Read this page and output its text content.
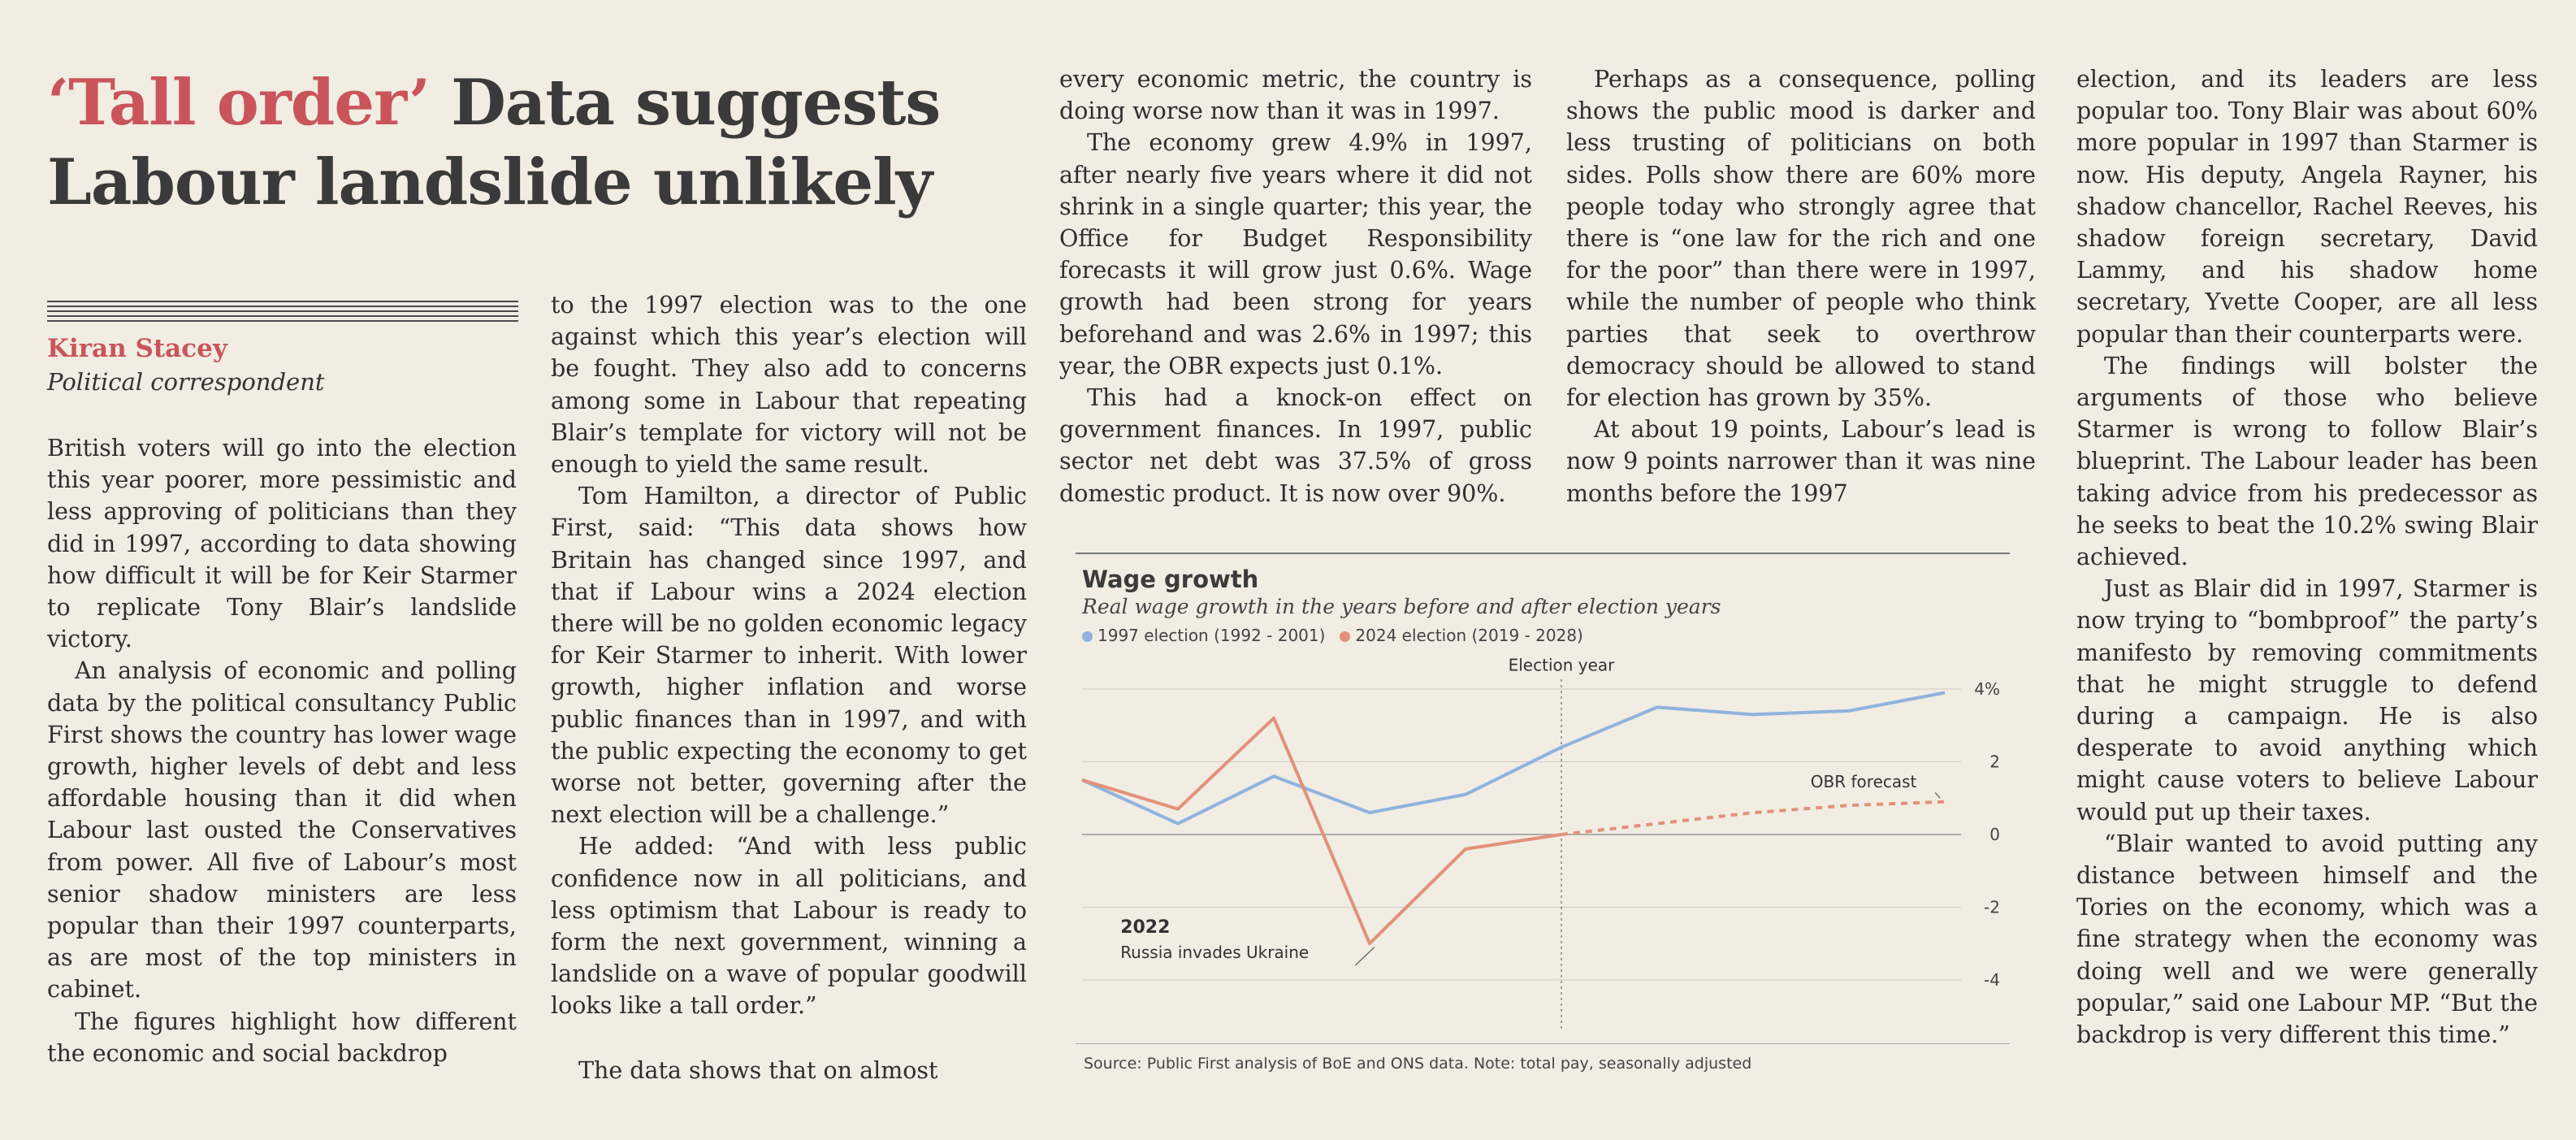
‘Tall order’ Data suggests Labour landslide unlikely
Kiran Stacey
Political correspondent

British voters will go into the election this year poorer, more pessimistic and less approving of politicians than they did in 1997, according to data showing how difficult it will be for Keir Starmer to replicate Tony Blair’s landslide victory.

An analysis of economic and polling data by the political consultancy Public First shows the country has lower wage growth, higher levels of debt and less affordable housing than it did when Labour last ousted the Conservatives from power. All five of Labour’s most senior shadow ministers are less popular than their 1997 counterparts, as are most of the top ministers in cabinet.

The figures highlight how different the economic and social backdrop

to the 1997 election was to the one against which this year’s election will be fought. They also add to concerns among some in Labour that repeating Blair’s template for victory will not be enough to yield the same result.

Tom Hamilton, a director of Public First, said: “This data shows how Britain has changed since 1997, and that if Labour wins a 2024 election there will be no golden economic legacy for Keir Starmer to inherit. With lower growth, higher inflation and worse public finances than in 1997, and with the public expecting the economy to get worse not better, governing after the next election will be a challenge.”

He added: “And with less public confidence now in all politicians, and less optimism that Labour is ready to form the next government, winning a landslide on a wave of popular goodwill looks like a tall order.”

The data shows that on almost

every economic metric, the country is doing worse now than it was in 1997.

The economy grew 4.9% in 1997, after nearly five years where it did not shrink in a single quarter; this year, the Office for Budget Responsibility forecasts it will grow just 0.6%. Wage growth had been strong for years beforehand and was 2.6% in 1997; this year, the OBR expects just 0.1%.

This had a knock-on effect on government finances. In 1997, public sector net debt was 37.5% of gross domestic product. It is now over 90%.

Perhaps as a consequence, polling shows the public mood is darker and less trusting of politicians on both sides. Polls show there are 60% more people today who strongly agree that there is “one law for the rich and one for the poor” than there were in 1997, while the number of people who think parties that seek to overthrow democracy should be allowed to stand for election has grown by 35%.

At about 19 points, Labour’s lead is now 9 points narrower than it was nine months before the 1997

election, and its leaders are less popular too. Tony Blair was about 60% more popular in 1997 than Starmer is now. His deputy, Angela Rayner, his shadow chancellor, Rachel Reeves, his shadow foreign secretary, David Lammy, and his shadow home secretary, Yvette Cooper, are all less popular than their counterparts were.

The findings will bolster the arguments of those who believe Starmer is wrong to follow Blair’s blueprint. The Labour leader has been taking advice from his predecessor as he seeks to beat the 10.2% swing Blair achieved.

Just as Blair did in 1997, Starmer is now trying to “bombproof” the party’s manifesto by removing commitments that he might struggle to defend during a campaign. He is also desperate to avoid anything which might cause voters to believe Labour would put up their taxes.

“Blair wanted to avoid putting any distance between himself and the Tories on the economy, which was a fine strategy when the economy was doing well and we were generally popular,” said one Labour MP. “But the backdrop is very different this time.”

Wage growth
Real wage growth in the years before and after election years
1997 election (1992 - 2001)	2024 election (2019 - 2028)
4%
2
0
-2
-4
Election year
OBR forecast
2022
Russia invades Ukraine
Source: Public First analysis of BoE and ONS data. Note: total pay, seasonally adjusted
